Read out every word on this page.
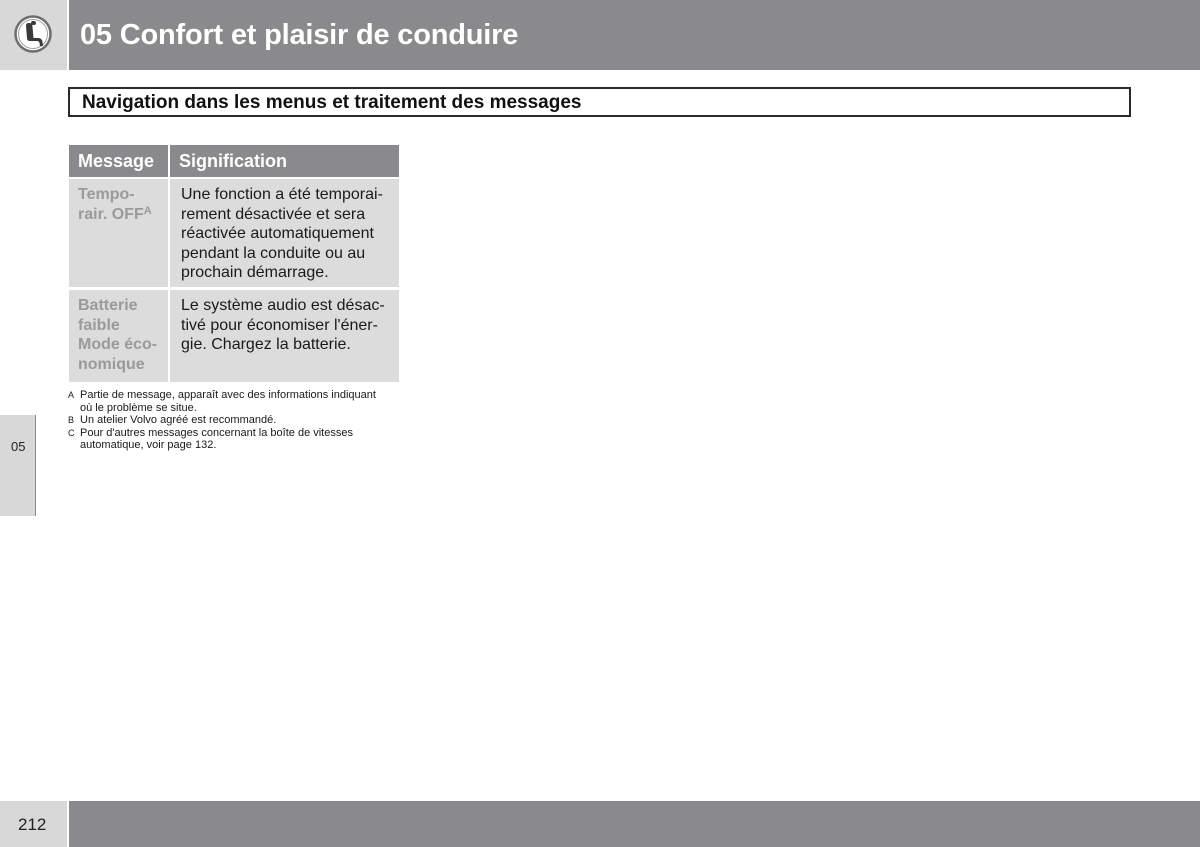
05 Confort et plaisir de conduire
Navigation dans les menus et traitement des messages
Message	Signification
Tempo-
rair. $OFF^A$
Une fonction a été temporai-
rement désactivée et sera
réactivée automatiquement
pendant la conduite ou au
prochain démarrage.
Batterie
faible
Mode éco-
nomique
Le système audio est désac-
tivé pour économiser l'éner-
gie. Chargez la batterie.
A Partie de message, apparaît avec des informations indiquant
où le problème se situe.
B Un atelier Volvo agréé est recommandé.
C Pour d'autres messages concernant la boîte de vitesses
automatique, voir page 132.
05
212
